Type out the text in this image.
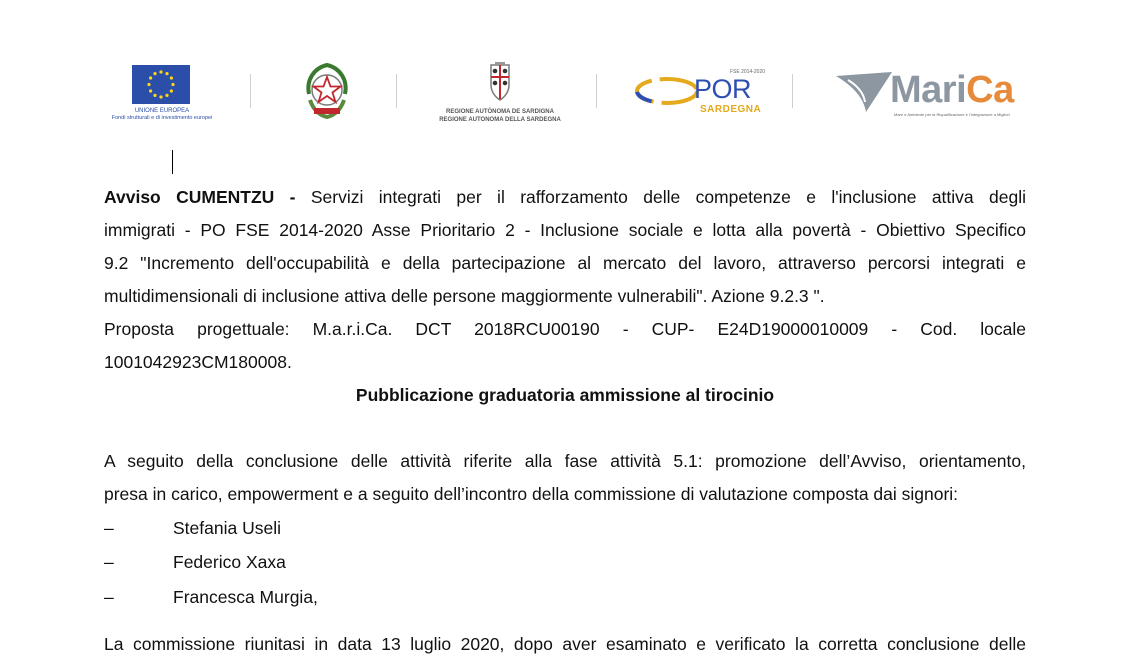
UNIONE EUROPEA
Fondi strutturali e di investimento europei
REGIONE AUTÒNOMA DE SARDIGNA
REGIONE AUTONOMA DELLA SARDEGNA
FSE 2014-2020
POR
SARDEGNA	MariCa
Mare e Ambiente per la Riqualificazione e l'Integrazione a Migliori
Avviso CUMENTZU - Servizi integrati per il rafforzamento delle competenze e l'inclusione attiva degli
immigrati - PO FSE 2014-2020 Asse Prioritario 2 - Inclusione sociale e lotta alla povertà - Obiettivo Specifico
9.2 "Incremento dell'occupabilità e della partecipazione al mercato del lavoro, attraverso percorsi integrati e
multidimensionali di inclusione attiva delle persone maggiormente vulnerabili". Azione 9.2.3 ".
Proposta progettuale: M.a.r.i.Ca. DCT 2018RCU00190 - CUP- E24D19000010009 - Cod. locale
1001042923CM180008.
Pubblicazione graduatoria ammissione al tirocinio
A seguito della conclusione delle attività riferite alla fase attività 5.1: promozione dell’Avviso, orientamento,
presa in carico, empowerment e a seguito dell’incontro della commissione di valutazione composta dai signori:
–	Stefania Useli
–	Federico Xaxa
–	Francesca Murgia,
La commissione riunitasi in data 13 luglio 2020, dopo aver esaminato e verificato la corretta conclusione delle
